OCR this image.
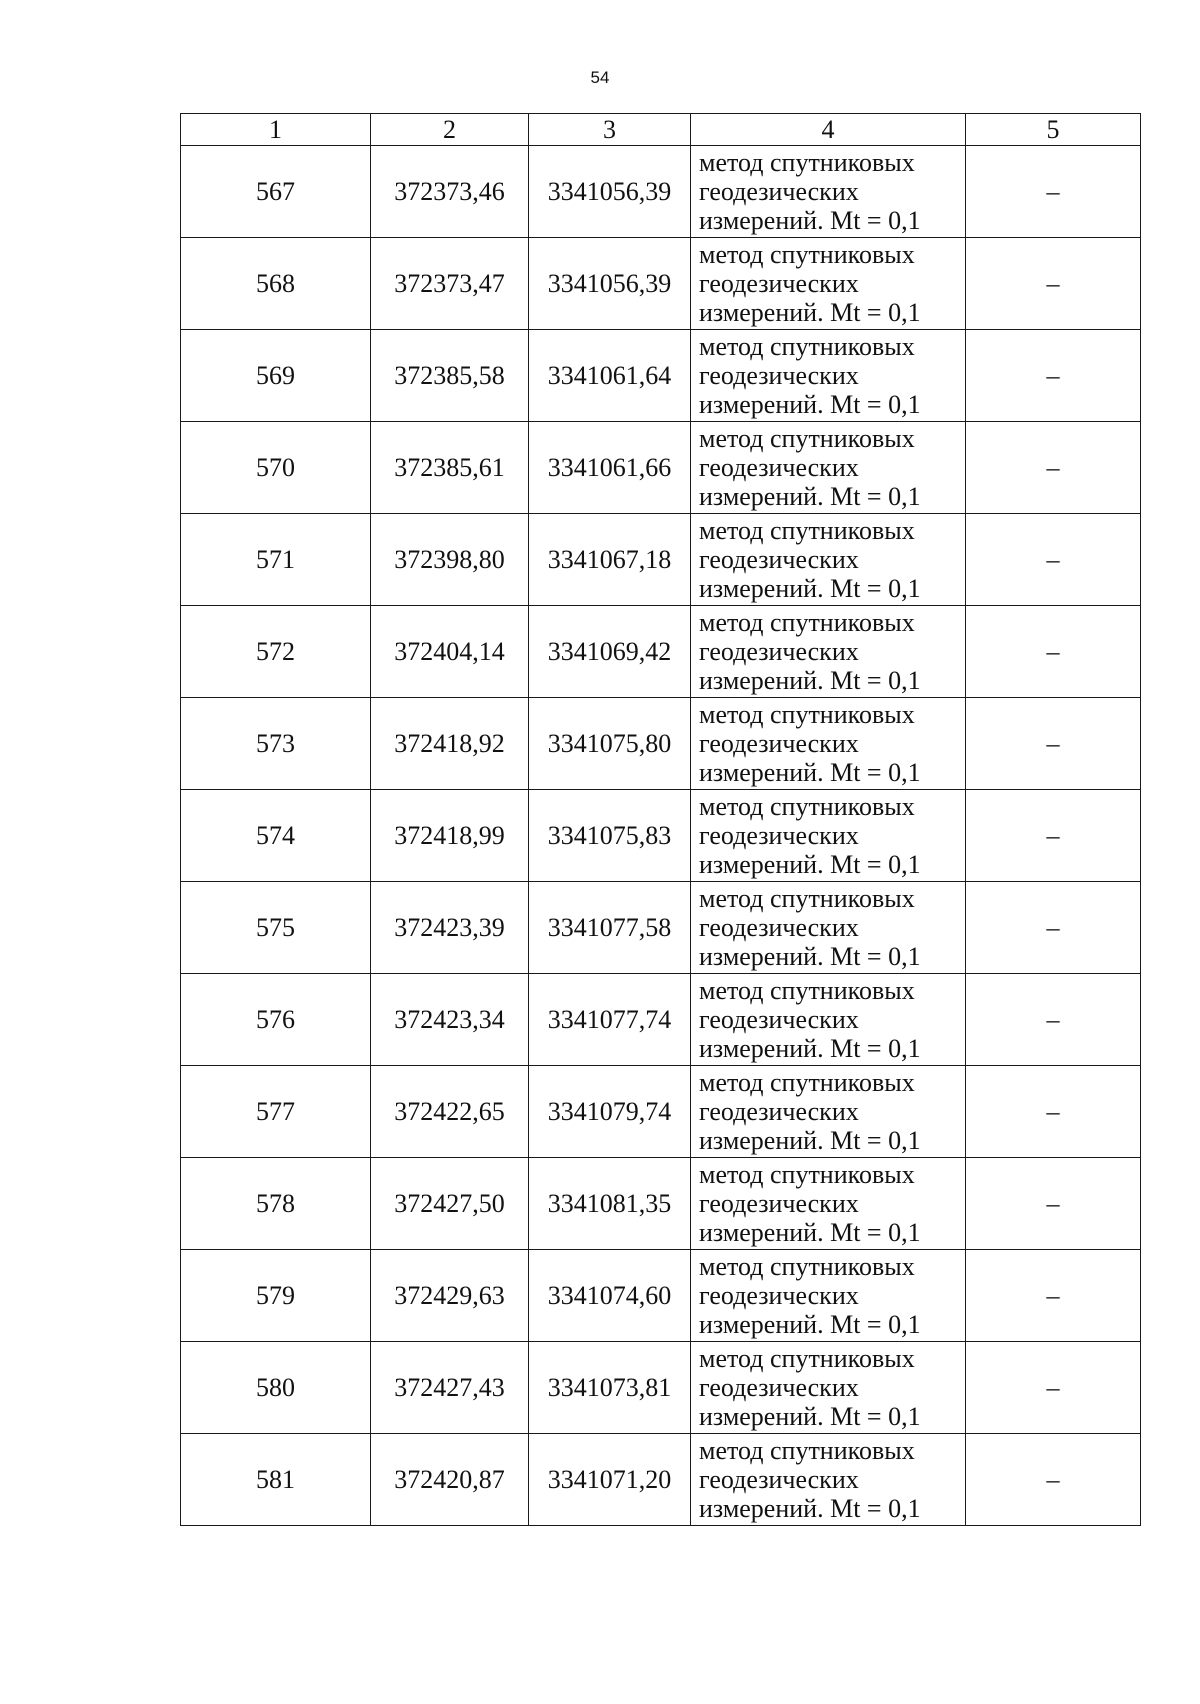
54
1	2	3	4	5
567	372373,46	3341056,39	метод спутниковых
геодезических
измерений. Mt = 0,1	–
568	372373,47	3341056,39	метод спутниковых
геодезических
измерений. Mt = 0,1	–
569	372385,58	3341061,64	метод спутниковых
геодезических
измерений. Mt = 0,1	–
570	372385,61	3341061,66	метод спутниковых
геодезических
измерений. Mt = 0,1	–
571	372398,80	3341067,18	метод спутниковых
геодезических
измерений. Mt = 0,1	–
572	372404,14	3341069,42	метод спутниковых
геодезических
измерений. Mt = 0,1	–
573	372418,92	3341075,80	метод спутниковых
геодезических
измерений. Mt = 0,1	–
574	372418,99	3341075,83	метод спутниковых
геодезических
измерений. Mt = 0,1	–
575	372423,39	3341077,58	метод спутниковых
геодезических
измерений. Mt = 0,1	–
576	372423,34	3341077,74	метод спутниковых
геодезических
измерений. Mt = 0,1	–
577	372422,65	3341079,74	метод спутниковых
геодезических
измерений. Mt = 0,1	–
578	372427,50	3341081,35	метод спутниковых
геодезических
измерений. Mt = 0,1	–
579	372429,63	3341074,60	метод спутниковых
геодезических
измерений. Mt = 0,1	–
580	372427,43	3341073,81	метод спутниковых
геодезических
измерений. Mt = 0,1	–
581	372420,87	3341071,20	метод спутниковых
геодезических
измерений. Mt = 0,1	–
